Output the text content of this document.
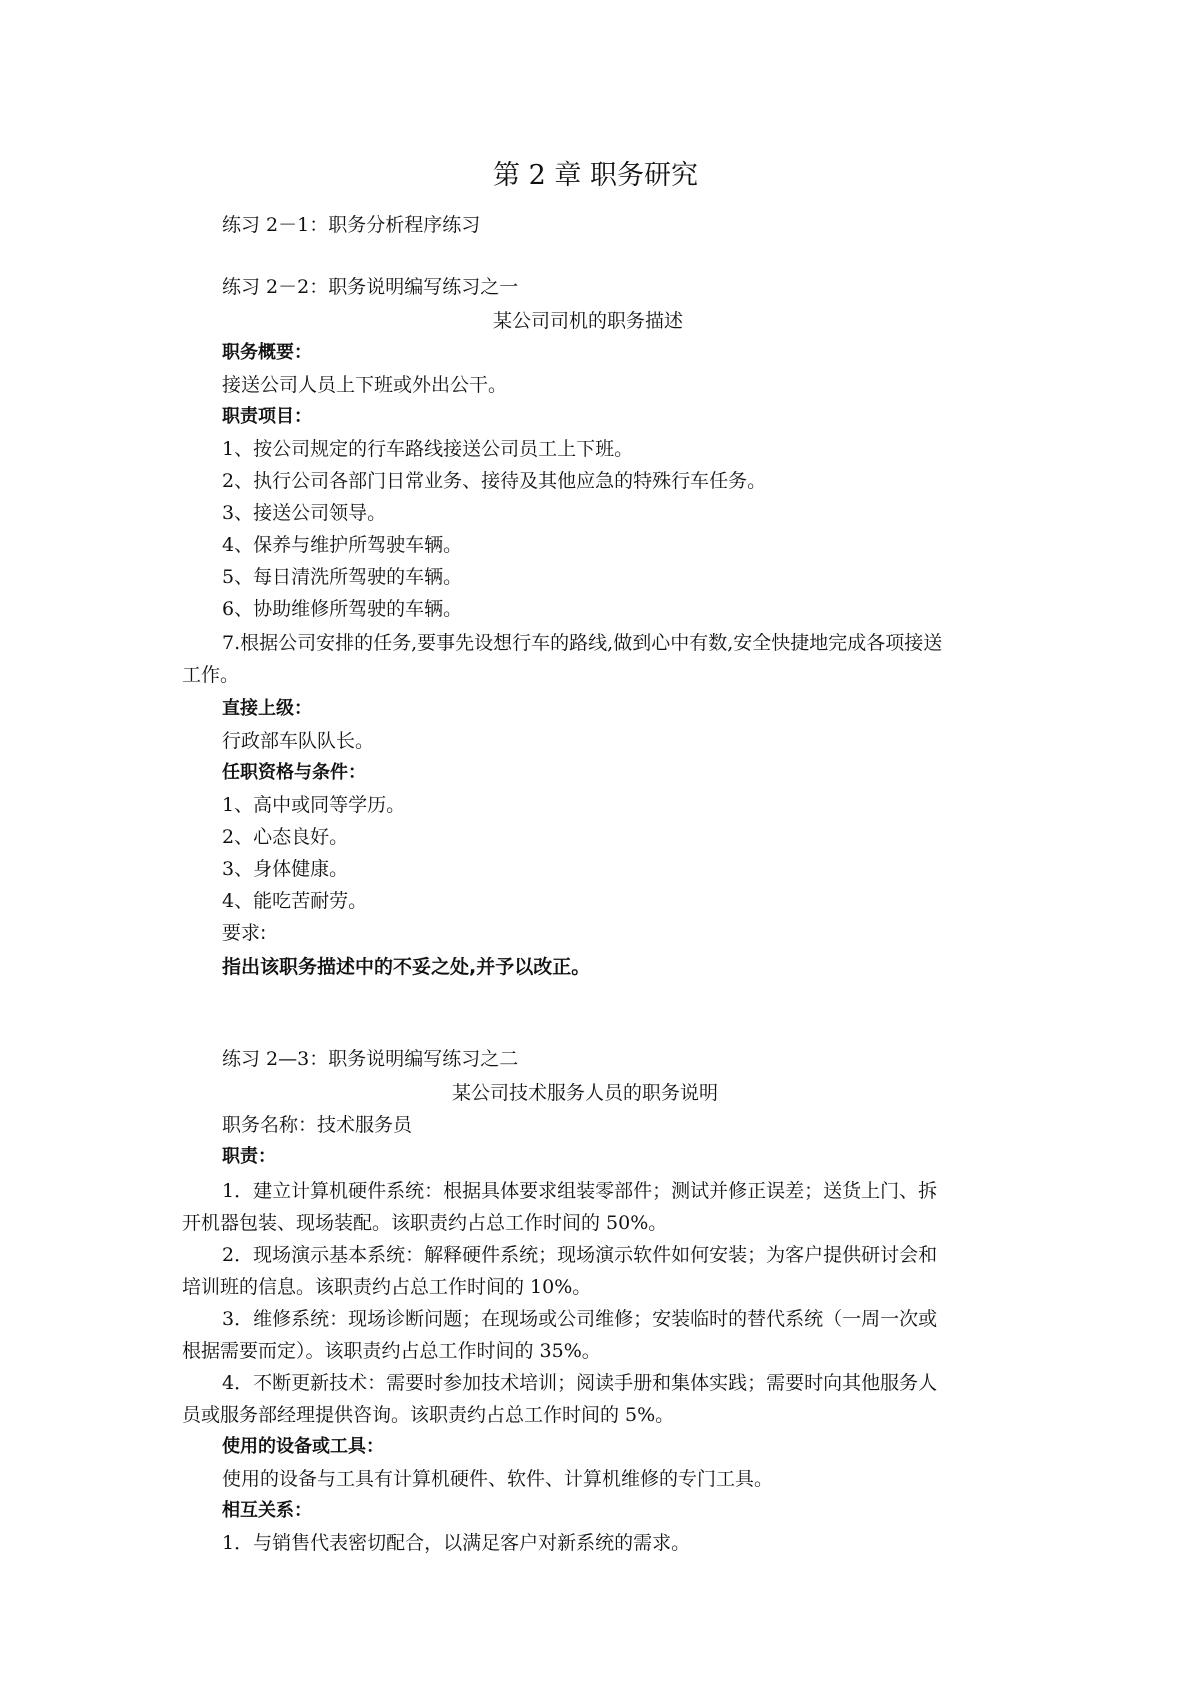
第 2 章 职务研究
练习 2－1：职务分析程序练习
练习 2－2：职务说明编写练习之一
某公司司机的职务描述
职务概要：
接送公司人员上下班或外出公干。
职责项目：
1、按公司规定的行车路线接送公司员工上下班。
2、执行公司各部门日常业务、接待及其他应急的特殊行车任务。
3、接送公司领导。
4、保养与维护所驾驶车辆。
5、每日清洗所驾驶的车辆。
6、协助维修所驾驶的车辆。
7.根据公司安排的任务,要事先设想行车的路线,做到心中有数,安全快捷地完成各项接送
工作。
直接上级：
行政部车队队长。
任职资格与条件：
1、高中或同等学历。
2、心态良好。
3、身体健康。
4、能吃苦耐劳。
要求:
指出该职务描述中的不妥之处,并予以改正。
练习 2—3：职务说明编写练习之二
某公司技术服务人员的职务说明
职务名称：技术服务员
职责：
1．建立计算机硬件系统：根据具体要求组装零部件；测试并修正误差；送货上门、拆
开机器包装、现场装配。该职责约占总工作时间的 50%。
2．现场演示基本系统：解释硬件系统；现场演示软件如何安装；为客户提供研讨会和
培训班的信息。该职责约占总工作时间的 10%。
3．维修系统：现场诊断问题；在现场或公司维修；安装临时的替代系统（一周一次或
根据需要而定）。该职责约占总工作时间的 35%。
4．不断更新技术：需要时参加技术培训；阅读手册和集体实践；需要时向其他服务人
员或服务部经理提供咨询。该职责约占总工作时间的 5%。
使用的设备或工具：
使用的设备与工具有计算机硬件、软件、计算机维修的专门工具。
相互关系：
1．与销售代表密切配合，以满足客户对新系统的需求。
